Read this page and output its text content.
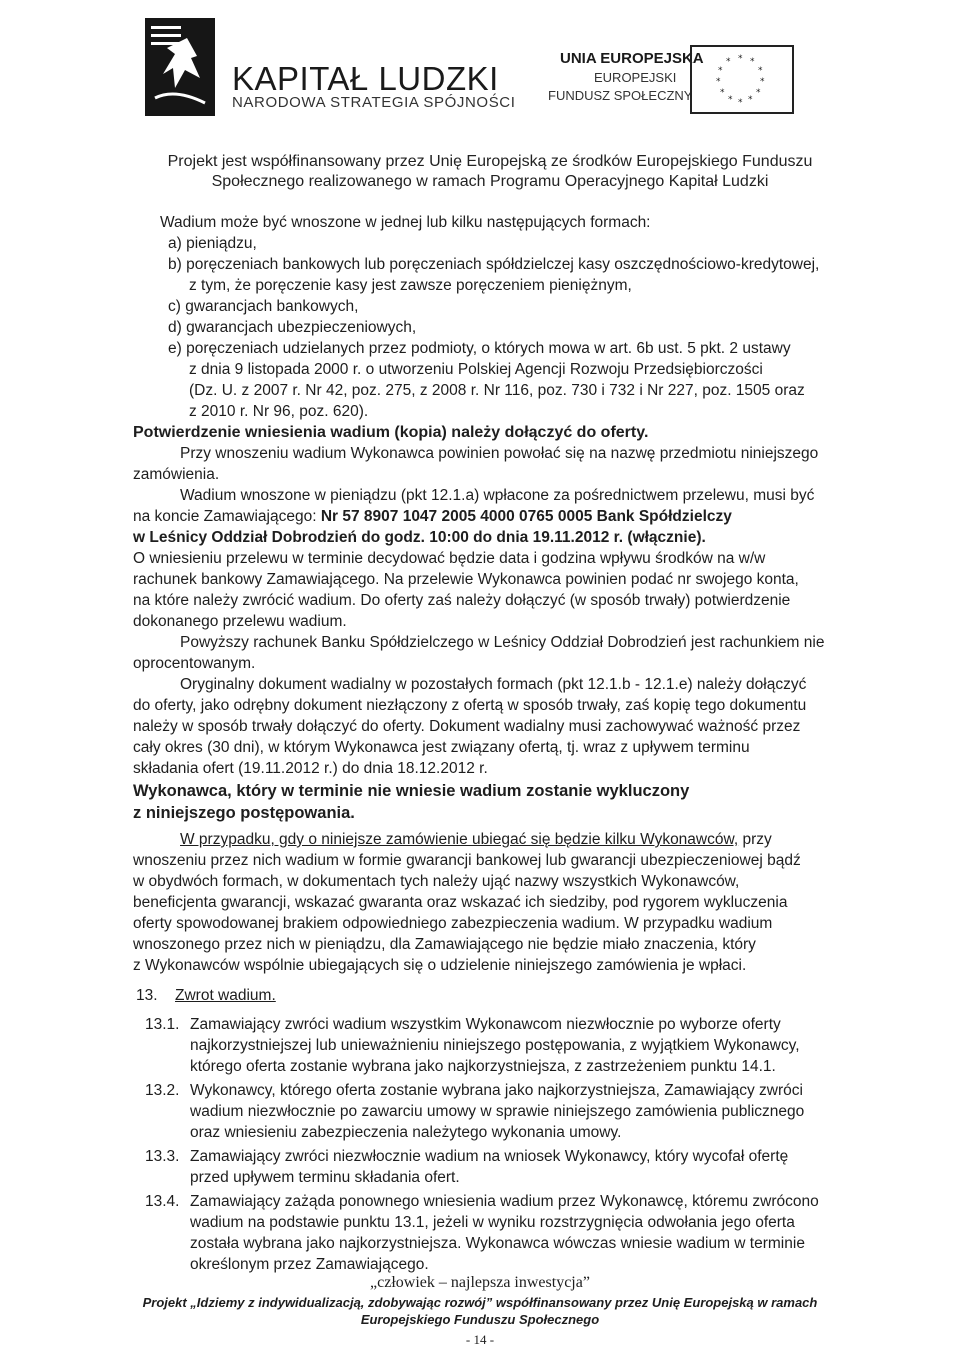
KAPITAŁ LUDZKI
NARODOWA STRATEGIA SPÓJNOŚCI
UNIA EUROPEJSKA
EUROPEJSKI
FUNDUSZ SPOŁECZNY
* *
*
*
*
*
*
*
*
*
*
*
Projekt jest współfinansowany przez Unię Europejską ze środków Europejskiego Funduszu
Społecznego realizowanego w ramach Programu Operacyjnego Kapitał Ludzki
Wadium może być wnoszone w jednej lub kilku następujących formach:
a) pieniądzu,
b) poręczeniach bankowych lub poręczeniach spółdzielczej kasy oszczędnościowo-kredytowej,
z tym, że poręczenie kasy jest zawsze poręczeniem pieniężnym,
c) gwarancjach bankowych,
d) gwarancjach ubezpieczeniowych,
e) poręczeniach udzielanych przez podmioty, o których mowa w art. 6b ust. 5 pkt. 2 ustawy
z dnia 9 listopada 2000 r. o utworzeniu Polskiej Agencji Rozwoju Przedsiębiorczości
(Dz. U. z 2007 r. Nr 42, poz. 275, z 2008 r. Nr 116, poz. 730 i 732 i Nr 227, poz. 1505 oraz
z 2010 r. Nr 96, poz. 620).
Potwierdzenie wniesienia wadium (kopia) należy dołączyć do oferty.
Przy wnoszeniu wadium Wykonawca powinien powołać się na nazwę przedmiotu niniejszego
zamówienia.
Wadium wnoszone w pieniądzu (pkt 12.1.a) wpłacone za pośrednictwem przelewu, musi być
na koncie Zamawiającego: Nr 57 8907 1047 2005 4000 0765 0005 Bank Spółdzielczy
w Leśnicy Oddział Dobrodzień do godz. 10:00 do dnia 19.11.2012 r. (włącznie).
O wniesieniu przelewu w terminie decydować będzie data i godzina wpływu środków na w/w
rachunek bankowy Zamawiającego. Na przelewie Wykonawca powinien podać nr swojego konta,
na które należy zwrócić wadium. Do oferty zaś należy dołączyć (w sposób trwały) potwierdzenie
dokonanego przelewu wadium.
Powyższy rachunek Banku Spółdzielczego w Leśnicy Oddział Dobrodzień jest rachunkiem nie
oprocentowanym.
Oryginalny dokument wadialny w pozostałych formach (pkt 12.1.b - 12.1.e) należy dołączyć
do oferty, jako odrębny dokument niezłączony z ofertą w sposób trwały, zaś kopię tego dokumentu
należy w sposób trwały dołączyć do oferty. Dokument wadialny musi zachowywać ważność przez
cały okres (30 dni), w którym Wykonawca jest związany ofertą, tj. wraz z upływem terminu
składania ofert (19.11.2012 r.) do dnia 18.12.2012 r.
Wykonawca, który w terminie nie wniesie wadium zostanie wykluczony
z niniejszego postępowania.
W przypadku, gdy o niniejsze zamówienie ubiegać się będzie kilku Wykonawców, przy
wnoszeniu przez nich wadium w formie gwarancji bankowej lub gwarancji ubezpieczeniowej bądź
w obydwóch formach, w dokumentach tych należy ująć nazwy wszystkich Wykonawców,
beneficjenta gwarancji, wskazać gwaranta oraz wskazać ich siedziby, pod rygorem wykluczenia
oferty spowodowanej brakiem odpowiedniego zabezpieczenia wadium. W przypadku wadium
wnoszonego przez nich w pieniądzu, dla Zamawiającego nie będzie miało znaczenia, który
z Wykonawców wspólnie ubiegających się o udzielenie niniejszego zamówienia je wpłaci.
13. Zwrot wadium.
13.1. Zamawiający zwróci wadium wszystkim Wykonawcom niezwłocznie po wyborze oferty
najkorzystniejszej lub unieważnieniu niniejszego postępowania, z wyjątkiem Wykonawcy,
którego oferta zostanie wybrana jako najkorzystniejsza, z zastrzeżeniem punktu 14.1.
13.2. Wykonawcy, którego oferta zostanie wybrana jako najkorzystniejsza, Zamawiający zwróci
wadium niezwłocznie po zawarciu umowy w sprawie niniejszego zamówienia publicznego
oraz wniesieniu zabezpieczenia należytego wykonania umowy.
13.3. Zamawiający zwróci niezwłocznie wadium na wniosek Wykonawcy, który wycofał ofertę
przed upływem terminu składania ofert.
13.4. Zamawiający zażąda ponownego wniesienia wadium przez Wykonawcę, któremu zwrócono
wadium na podstawie punktu 13.1, jeżeli w wyniku rozstrzygnięcia odwołania jego oferta
została wybrana jako najkorzystniejsza. Wykonawca wówczas wniesie wadium w terminie
określonym przez Zamawiającego.
„człowiek – najlepsza inwestycja”
Projekt „Idziemy z indywidualizacją, zdobywając rozwój” współfinansowany przez Unię Europejską w ramach
Europejskiego Funduszu Społecznego
- 14 -
